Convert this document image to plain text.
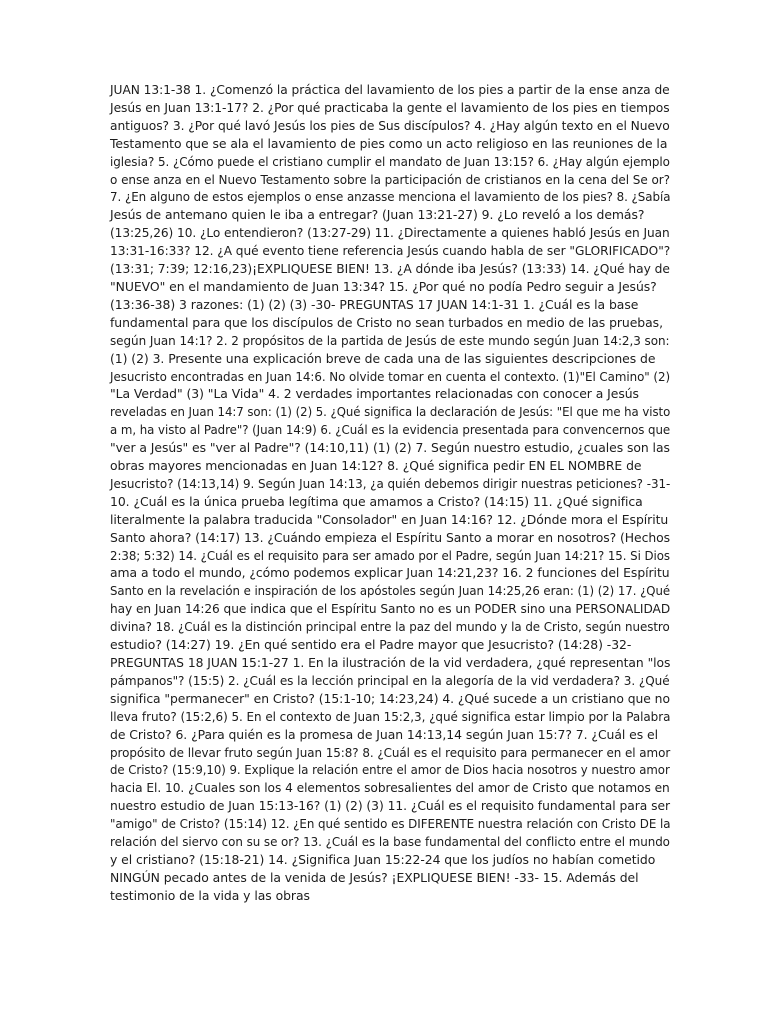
JUAN 13:1-38 1. ¿Comenzó la práctica del lavamiento de los pies a partir de la ense anza de
Jesús en Juan 13:1-17? 2. ¿Por qué practicaba la gente el lavamiento de los pies en tiempos
antiguos? 3. ¿Por qué lavó Jesús los pies de Sus discípulos? 4. ¿Hay algún texto en el Nuevo
Testamento que se ala el lavamiento de pies como un acto religioso en las reuniones de la
iglesia? 5. ¿Cómo puede el cristiano cumplir el mandato de Juan 13:15? 6. ¿Hay algún ejemplo
o ense anza en el Nuevo Testamento sobre la participación de cristianos en la cena del Se or?
7. ¿En alguno de estos ejemplos o ense anzasse menciona el lavamiento de los pies? 8. ¿Sabía
Jesús de antemano quien le iba a entregar? (Juan 13:21-27) 9. ¿Lo reveló a los demás?
(13:25,26) 10. ¿Lo entendieron? (13:27-29) 11. ¿Directamente a quienes habló Jesús en Juan
13:31-16:33? 12. ¿A qué evento tiene referencia Jesús cuando habla de ser "GLORIFICADO"?
(13:31; 7:39; 12:16,23)¡EXPLIQUESE BIEN! 13. ¿A dónde iba Jesús? (13:33) 14. ¿Qué hay de
"NUEVO" en el mandamiento de Juan 13:34? 15. ¿Por qué no podía Pedro seguir a Jesús?
(13:36-38) 3 razones: (1) (2) (3) -30- PREGUNTAS 17 JUAN 14:1-31 1. ¿Cuál es la base
fundamental para que los discípulos de Cristo no sean turbados en medio de las pruebas,
según Juan 14:1? 2. 2 propósitos de la partida de Jesús de este mundo según Juan 14:2,3 son:
(1) (2) 3. Presente una explicación breve de cada una de las siguientes descripciones de
Jesucristo encontradas en Juan 14:6. No olvide tomar en cuenta el contexto. (1)"El Camino" (2)
"La Verdad" (3) "La Vida" 4. 2 verdades importantes relacionadas con conocer a Jesús
reveladas en Juan 14:7 son: (1) (2) 5. ¿Qué significa la declaración de Jesús: "El que me ha visto
a m, ha visto al Padre"? (Juan 14:9) 6. ¿Cuál es la evidencia presentada para convencernos que
"ver a Jesús" es "ver al Padre"? (14:10,11) (1) (2) 7. Según nuestro estudio, ¿cuales son las
obras mayores mencionadas en Juan 14:12? 8. ¿Qué significa pedir EN EL NOMBRE de
Jesucristo? (14:13,14) 9. Según Juan 14:13, ¿a quién debemos dirigir nuestras peticiones? -31-
10. ¿Cuál es la única prueba legítima que amamos a Cristo? (14:15) 11. ¿Qué significa
literalmente la palabra traducida "Consolador" en Juan 14:16? 12. ¿Dónde mora el Espíritu
Santo ahora? (14:17) 13. ¿Cuándo empieza el Espíritu Santo a morar en nosotros? (Hechos
2:38; 5:32) 14. ¿Cuál es el requisito para ser amado por el Padre, según Juan 14:21? 15. Si Dios
ama a todo el mundo, ¿cómo podemos explicar Juan 14:21,23? 16. 2 funciones del Espíritu
Santo en la revelación e inspiración de los apóstoles según Juan 14:25,26 eran: (1) (2) 17. ¿Qué
hay en Juan 14:26 que indica que el Espíritu Santo no es un PODER sino una PERSONALIDAD
divina? 18. ¿Cuál es la distinción principal entre la paz del mundo y la de Cristo, según nuestro
estudio? (14:27) 19. ¿En qué sentido era el Padre mayor que Jesucristo? (14:28) -32-
PREGUNTAS 18 JUAN 15:1-27 1. En la ilustración de la vid verdadera, ¿qué representan "los
pámpanos"? (15:5) 2. ¿Cuál es la lección principal en la alegoría de la vid verdadera? 3. ¿Qué
significa "permanecer" en Cristo? (15:1-10; 14:23,24) 4. ¿Qué sucede a un cristiano que no
lleva fruto? (15:2,6) 5. En el contexto de Juan 15:2,3, ¿qué significa estar limpio por la Palabra
de Cristo? 6. ¿Para quién es la promesa de Juan 14:13,14 según Juan 15:7? 7. ¿Cuál es el
propósito de llevar fruto según Juan 15:8? 8. ¿Cuál es el requisito para permanecer en el amor
de Cristo? (15:9,10) 9. Explique la relación entre el amor de Dios hacia nosotros y nuestro amor
hacia El. 10. ¿Cuales son los 4 elementos sobresalientes del amor de Cristo que notamos en
nuestro estudio de Juan 15:13-16? (1) (2) (3) 11. ¿Cuál es el requisito fundamental para ser
"amigo" de Cristo? (15:14) 12. ¿En qué sentido es DIFERENTE nuestra relación con Cristo DE la
relación del siervo con su se or? 13. ¿Cuál es la base fundamental del conflicto entre el mundo
y el cristiano? (15:18-21) 14. ¿Significa Juan 15:22-24 que los judíos no habían cometido
NINGÚN pecado antes de la venida de Jesús? ¡EXPLIQUESE BIEN! -33- 15. Además del
testimonio de la vida y las obras
